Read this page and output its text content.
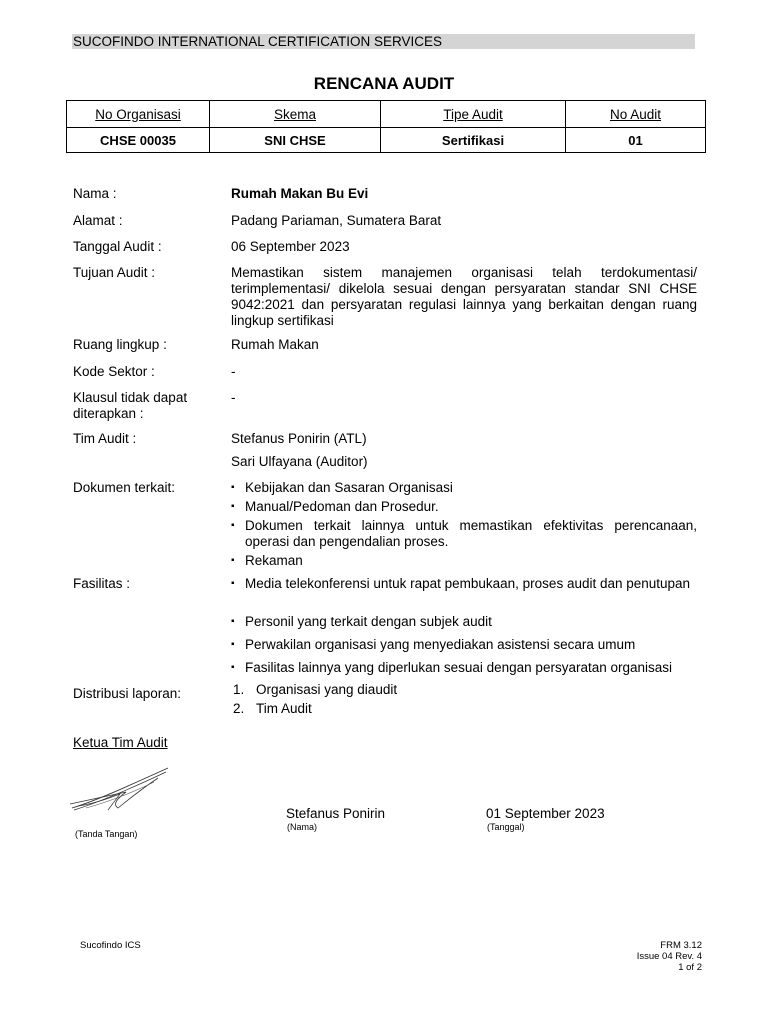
SUCOFINDO INTERNATIONAL CERTIFICATION SERVICES
RENCANA AUDIT
No Organisasi	Skema	Tipe Audit	No Audit
CHSE 00035	SNI CHSE	Sertifikasi	01
Nama :	Rumah Makan Bu Evi
Alamat :	Padang Pariaman, Sumatera Barat
Tanggal Audit :	06 September 2023
Tujuan Audit :	Memastikan sistem manajemen organisasi telah terdokumentasi/ terimplementasi/ dikelola sesuai dengan persyaratan standar SNI CHSE 9042:2021 dan persyaratan regulasi lainnya yang berkaitan dengan ruang lingkup sertifikasi
Ruang lingkup :	Rumah Makan
Kode Sektor :	-
Klausul tidak dapat
diterapkan :
-
Tim Audit :	Stefanus Ponirin (ATL)
Sari Ulfayana (Auditor)
Dokumen terkait:	▪ Kebijakan dan Sasaran Organisasi
▪ Manual/Pedoman dan Prosedur.
▪ Dokumen terkait lainnya untuk memastikan efektivitas perencanaan, operasi dan pengendalian proses.
▪ Rekaman
Fasilitas :	▪ Media telekonferensi untuk rapat pembukaan, proses audit dan penutupan
▪ Personil yang terkait dengan subjek audit
▪ Perwakilan organisasi yang menyediakan asistensi secara umum
▪ Fasilitas lainnya yang diperlukan sesuai dengan persyaratan organisasi
Distribusi laporan:	1. Organisasi yang diaudit
2. Tim Audit
Ketua Tim Audit
Stefanus Ponirin
(Nama)
01 September 2023
(Tanggal)
(Tanda Tangan)
Sucofindo ICS	FRM 3.12
Issue 04 Rev. 4
1 of 2
